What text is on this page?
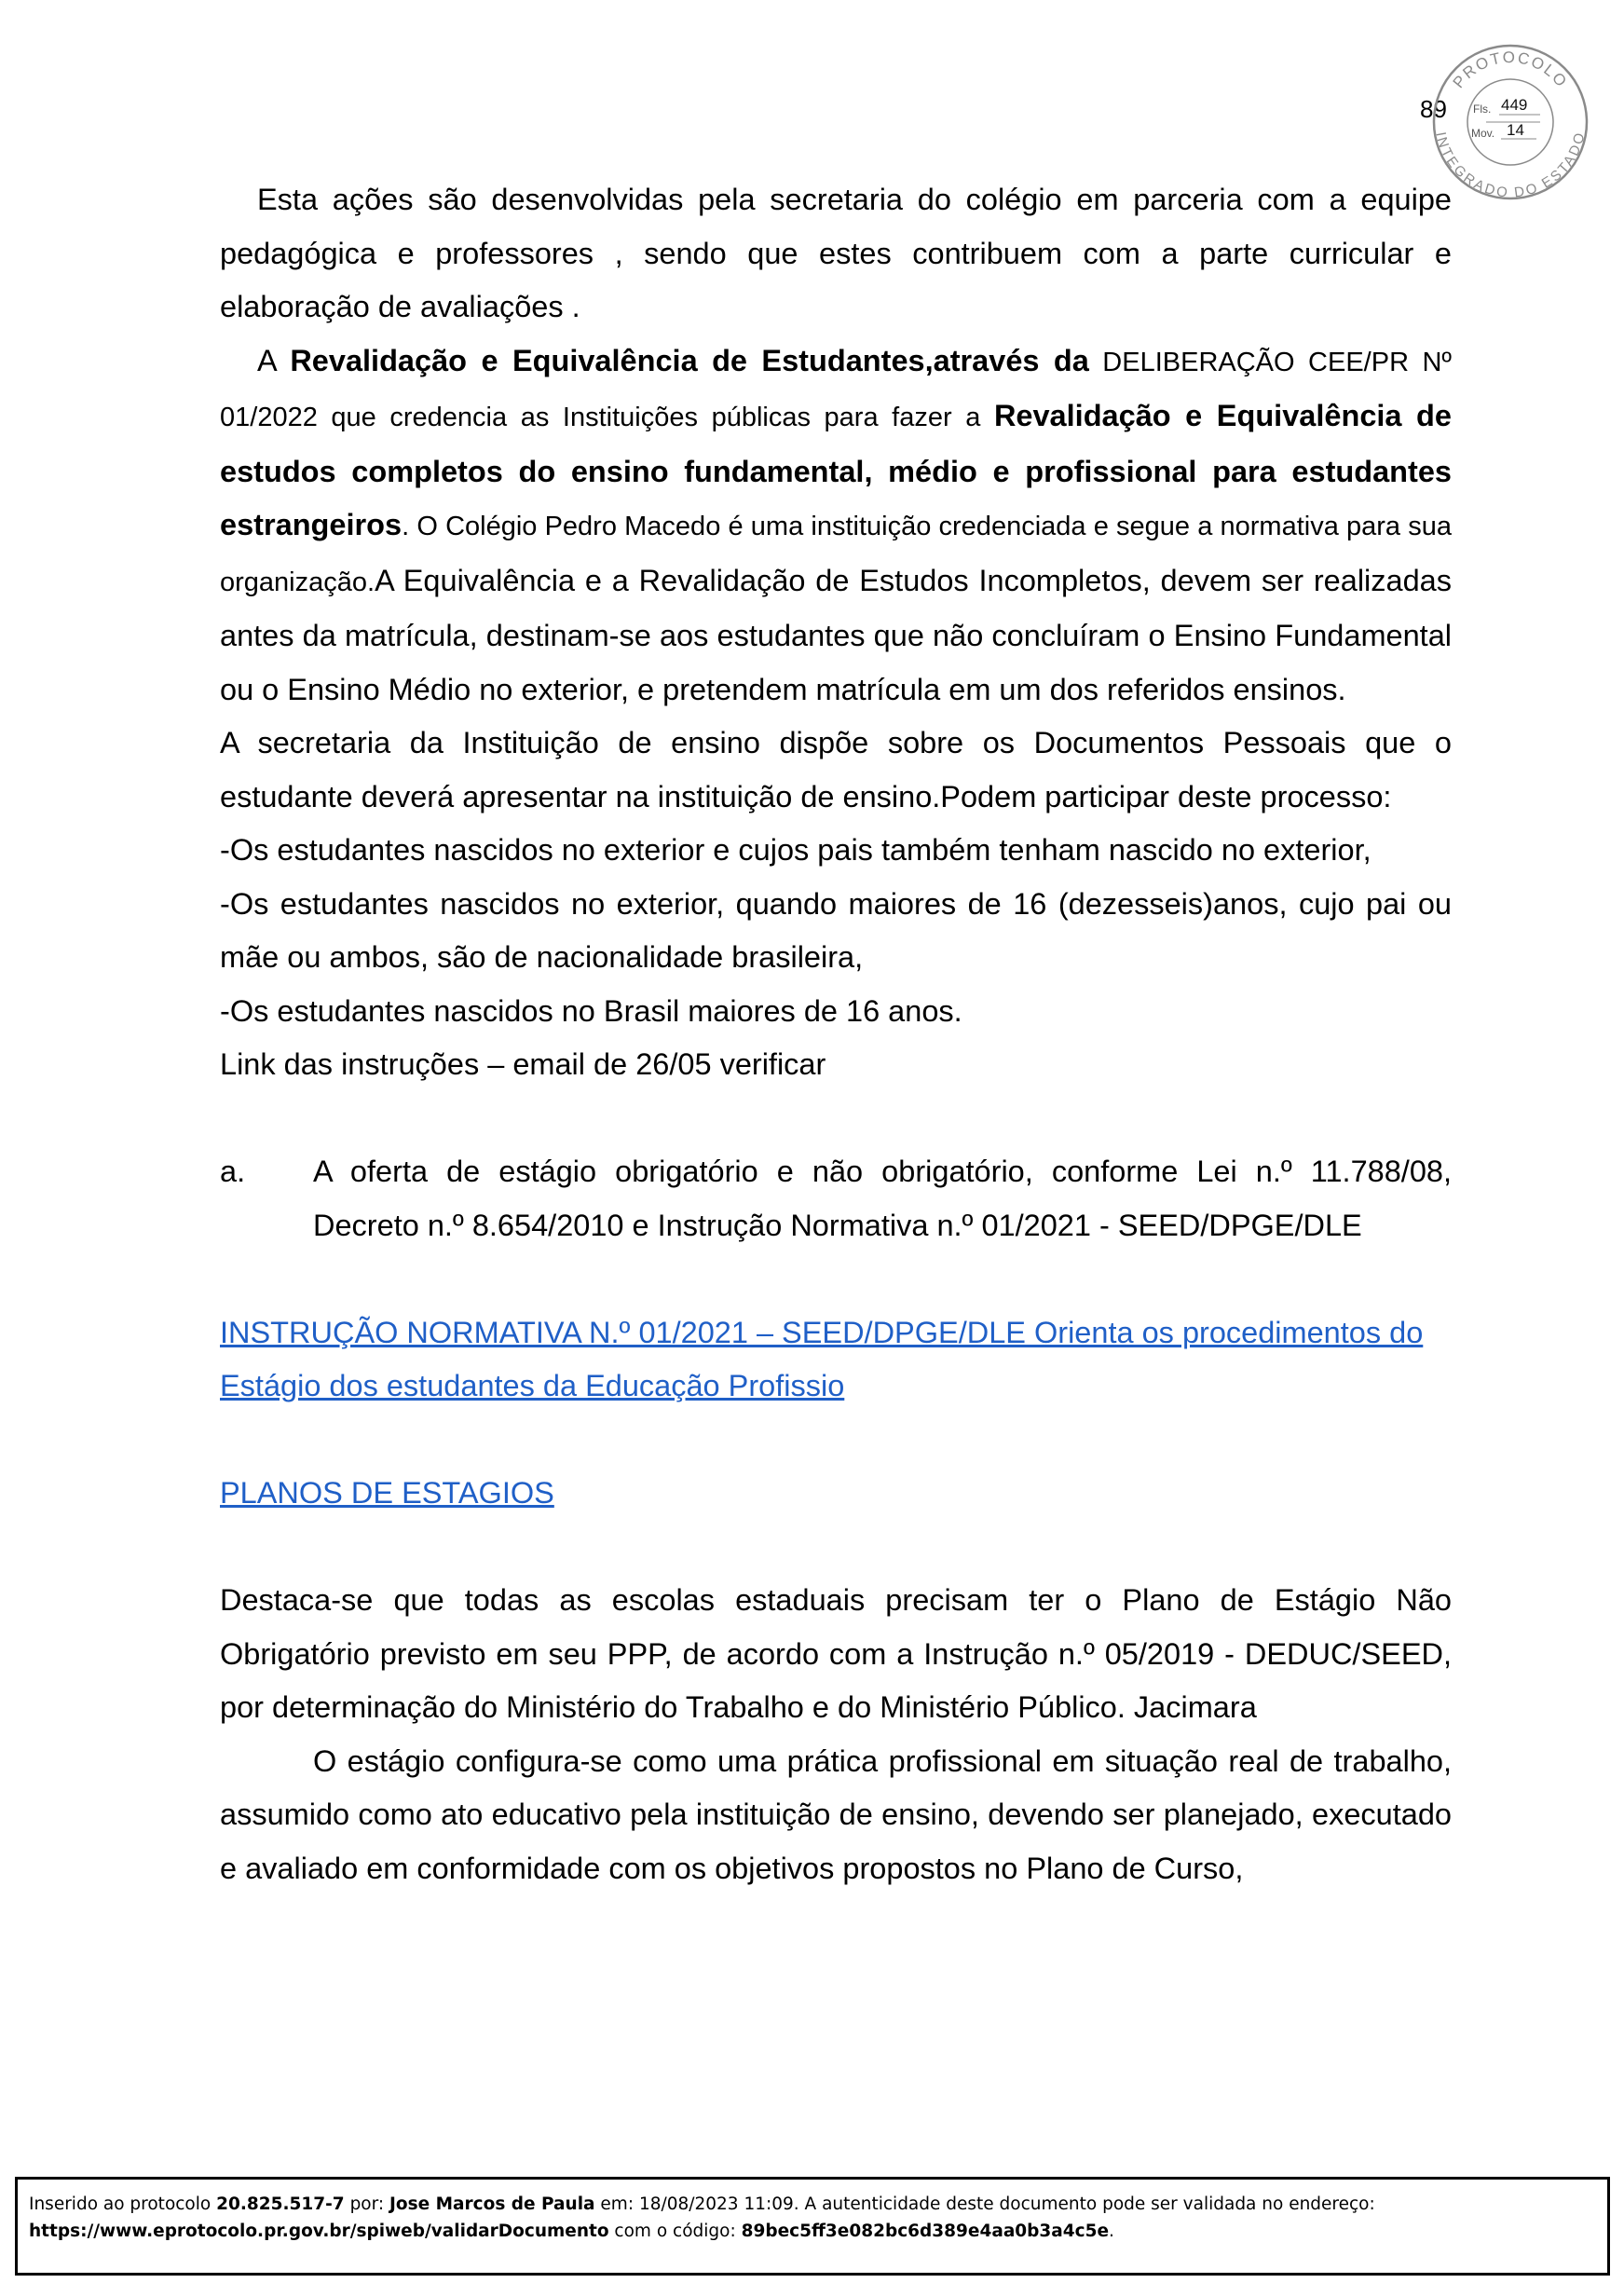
89
PROTOCOLO
INTEGRADO DO ESTADO
Fls. 449
Mov. 14

Esta ações são desenvolvidas pela secretaria do colégio em parceria com a equipe pedagógica e professores , sendo que estes contribuem com a parte curricular e elaboração de avaliações .

A Revalidação e Equivalência de Estudantes,através da DELIBERAÇÃO CEE/PR Nº 01/2022 que credencia as Instituições públicas para fazer a Revalidação e Equivalência de estudos completos do ensino fundamental, médio e profissional para estudantes estrangeiros. O Colégio Pedro Macedo é uma instituição credenciada e segue a normativa para sua organização.A Equivalência e a Revalidação de Estudos Incompletos, devem ser realizadas antes da matrícula, destinam-se aos estudantes que não concluíram o Ensino Fundamental ou o Ensino Médio no exterior, e pretendem matrícula em um dos referidos ensinos.

A secretaria da Instituição de ensino dispõe sobre os Documentos Pessoais que o estudante deverá apresentar na instituição de ensino.Podem participar deste processo:

-Os estudantes nascidos no exterior e cujos pais também tenham nascido no exterior,

-Os estudantes nascidos no exterior, quando maiores de 16 (dezesseis)anos, cujo pai ou mãe ou ambos, são de nacionalidade brasileira,

-Os estudantes nascidos no Brasil maiores de 16 anos.

Link das instruções – email de 26/05 verificar

a.	A oferta de estágio obrigatório e não obrigatório, conforme Lei n.º 11.788/08, Decreto n.º 8.654/2010 e Instrução Normativa n.º 01/2021 - SEED/DPGE/DLE

INSTRUÇÃO NORMATIVA N.º 01/2021 – SEED/DPGE/DLE Orienta os procedimentos do Estágio dos estudantes da Educação Profissio

PLANOS DE ESTAGIOS

Destaca-se que todas as escolas estaduais precisam ter o Plano de Estágio Não Obrigatório previsto em seu PPP, de acordo com a Instrução n.º 05/2019 - DEDUC/SEED, por determinação do Ministério do Trabalho e do Ministério Público. Jacimara

O estágio configura-se como uma prática profissional em situação real de trabalho, assumido como ato educativo pela instituição de ensino, devendo ser planejado, executado e avaliado em conformidade com os objetivos propostos no Plano de Curso,

Inserido ao protocolo 20.825.517-7 por: Jose Marcos de Paula em: 18/08/2023 11:09. A autenticidade deste documento pode ser validada no endereço:
https://www.eprotocolo.pr.gov.br/spiweb/validarDocumento com o código: 89bec5ff3e082bc6d389e4aa0b3a4c5e.
